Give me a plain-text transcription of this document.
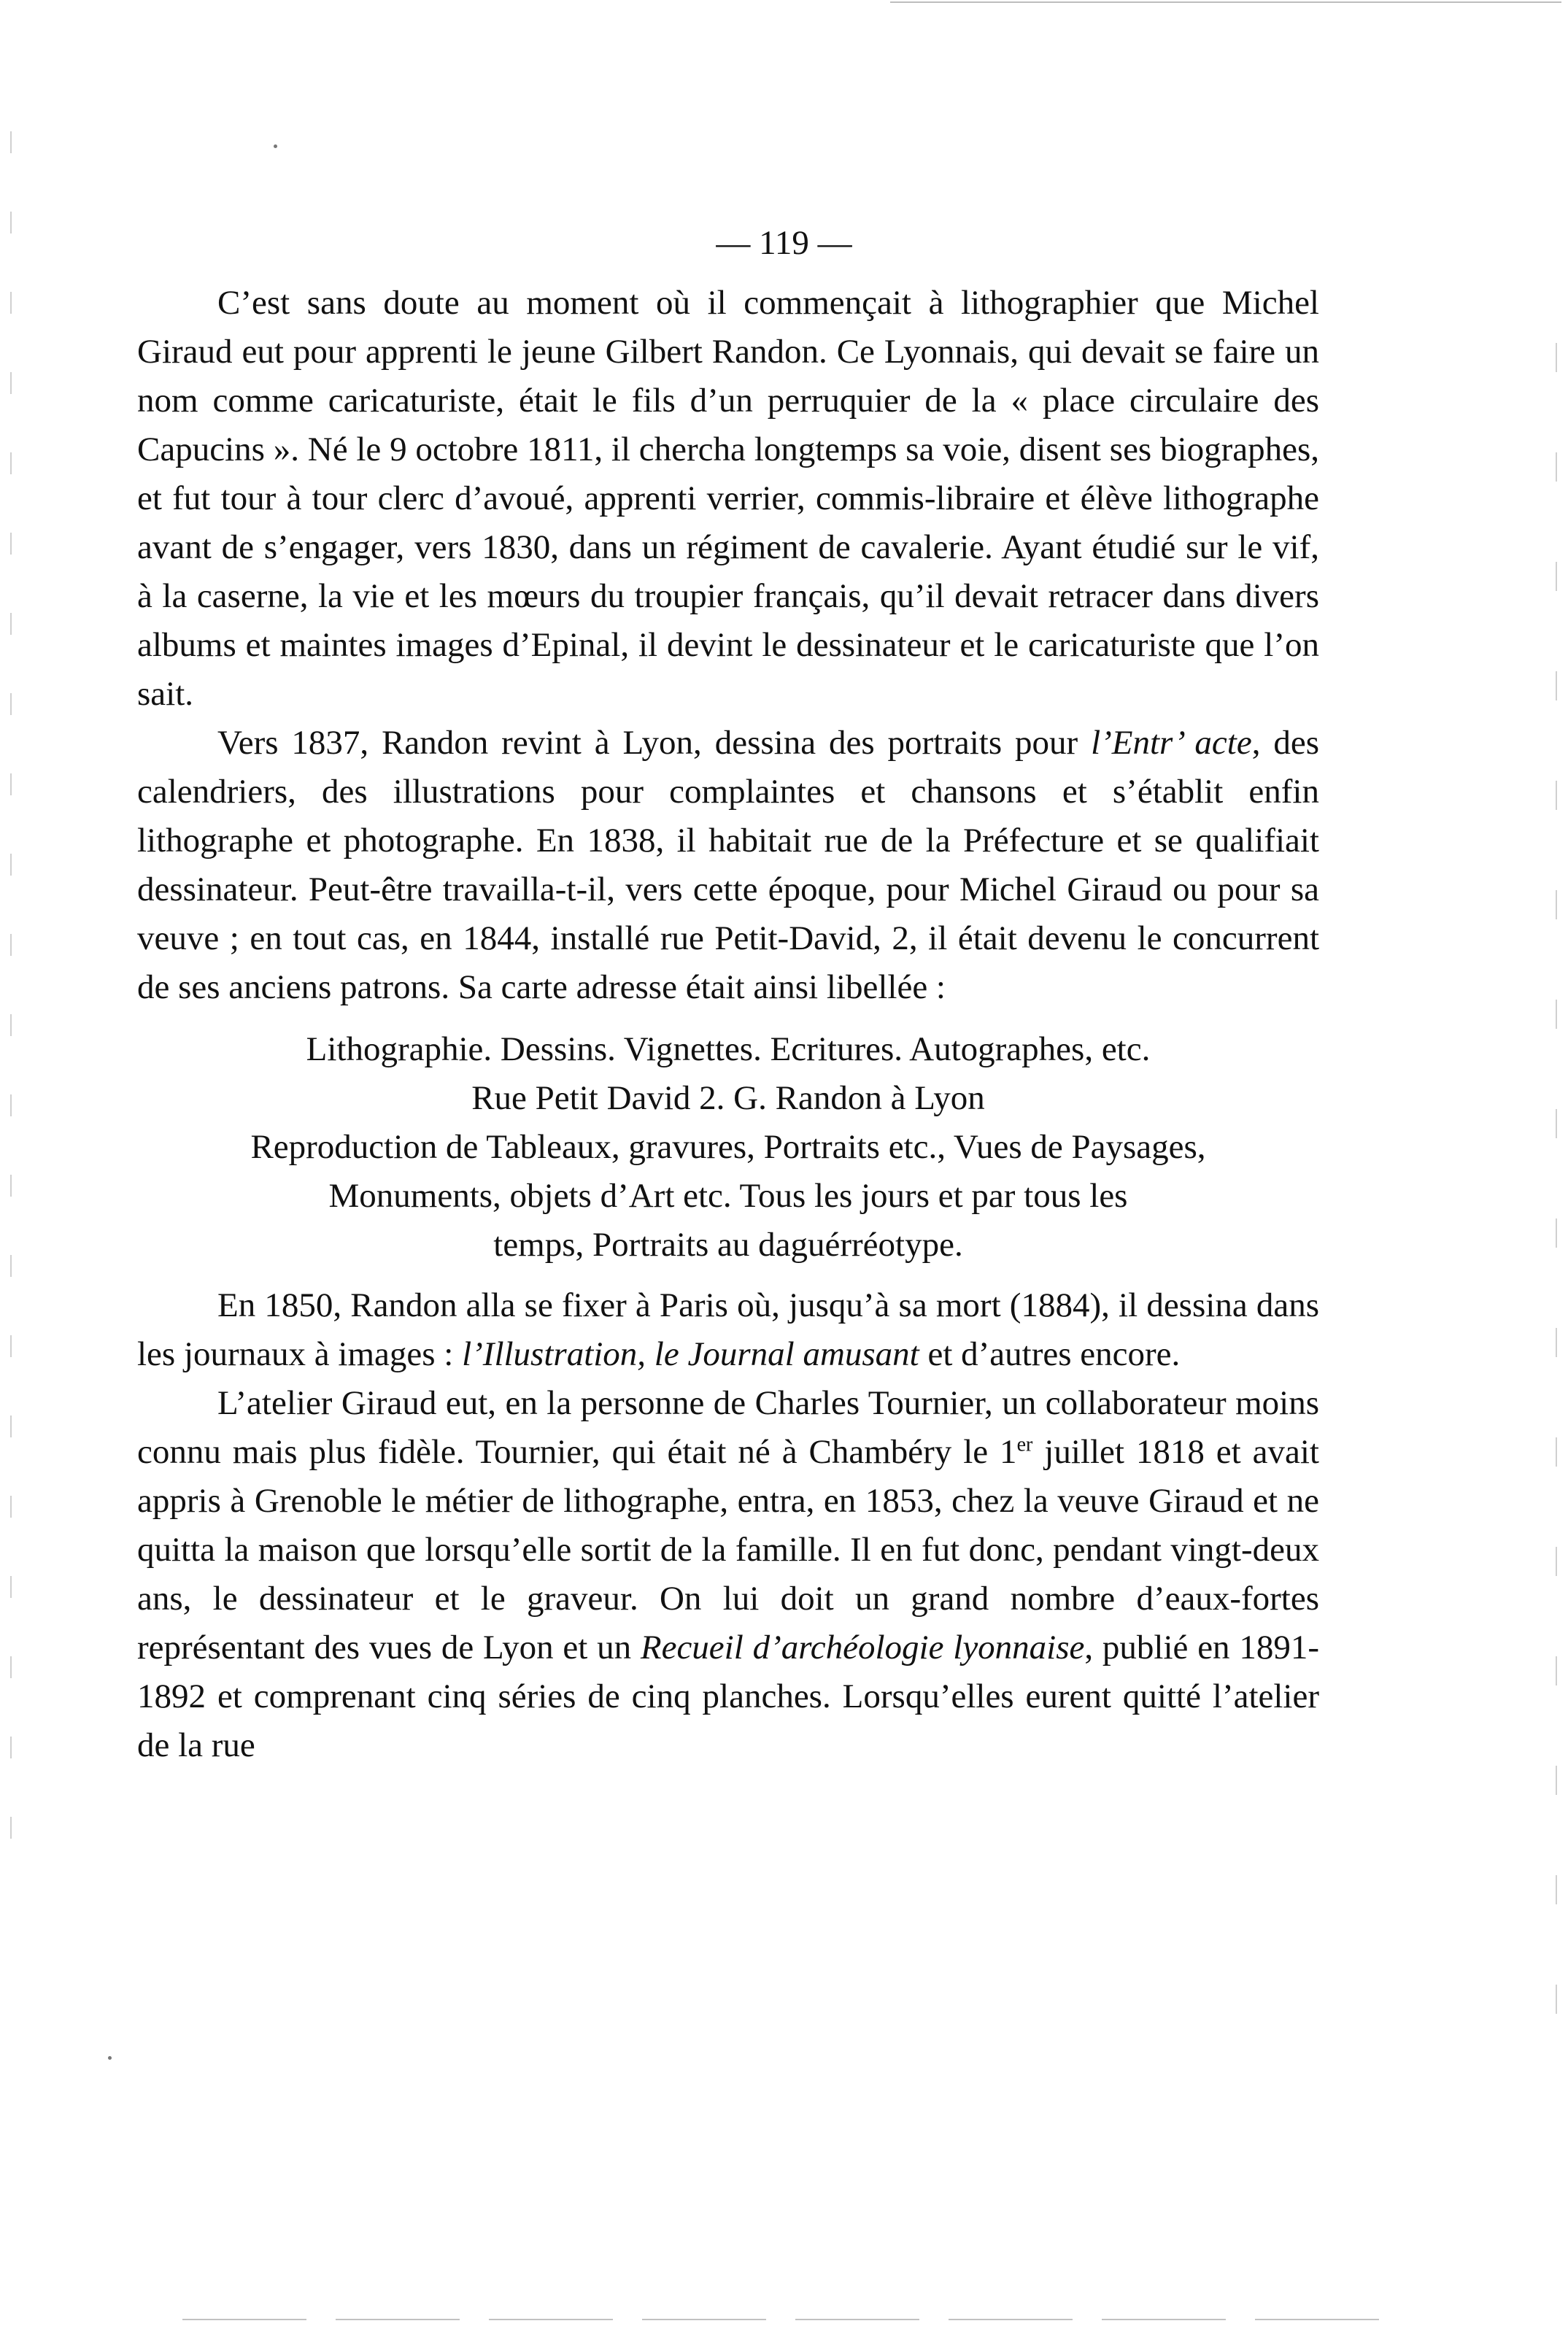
— 119 —

C’est sans doute au moment où il commençait à lithographier que Michel Giraud eut pour apprenti le jeune Gilbert Randon. Ce Lyonnais, qui devait se faire un nom comme caricaturiste, était le fils d’un perruquier de la « place circulaire des Capucins ». Né le 9 octobre 1811, il chercha longtemps sa voie, disent ses biographes, et fut tour à tour clerc d’avoué, apprenti verrier, commis-libraire et élève lithographe avant de s’engager, vers 1830, dans un régiment de cavalerie. Ayant étudié sur le vif, à la caserne, la vie et les mœurs du troupier français, qu’il devait retracer dans divers albums et maintes images d’Epinal, il devint le dessinateur et le caricaturiste que l’on sait.

Vers 1837, Randon revint à Lyon, dessina des portraits pour l’Entr’ acte, des calendriers, des illustrations pour complaintes et chansons et s’établit enfin lithographe et photographe. En 1838, il habitait rue de la Préfecture et se qualifiait dessinateur. Peut-être travailla-t-il, vers cette époque, pour Michel Giraud ou pour sa veuve ; en tout cas, en 1844, installé rue Petit-David, 2, il était devenu le concurrent de ses anciens patrons. Sa carte adresse était ainsi libellée :

Lithographie. Dessins. Vignettes. Ecritures. Autographes, etc.
Rue Petit David 2. G. Randon à Lyon
Reproduction de Tableaux, gravures, Portraits etc., Vues de Paysages,
Monuments, objets d’Art etc. Tous les jours et par tous les
temps, Portraits au daguérréotype.

En 1850, Randon alla se fixer à Paris où, jusqu’à sa mort (1884), il dessina dans les journaux à images : l’Illustration, le Journal amusant et d’autres encore.

L’atelier Giraud eut, en la personne de Charles Tournier, un collaborateur moins connu mais plus fidèle. Tournier, qui était né à Chambéry le 1er juillet 1818 et avait appris à Grenoble le métier de lithographe, entra, en 1853, chez la veuve Giraud et ne quitta la maison que lorsqu’elle sortit de la famille. Il en fut donc, pendant vingt-deux ans, le dessinateur et le graveur. On lui doit un grand nombre d’eaux-fortes représentant des vues de Lyon et un Recueil d’archéologie lyonnaise, publié en 1891-1892 et comprenant cinq séries de cinq planches. Lorsqu’elles eurent quitté l’atelier de la rue
